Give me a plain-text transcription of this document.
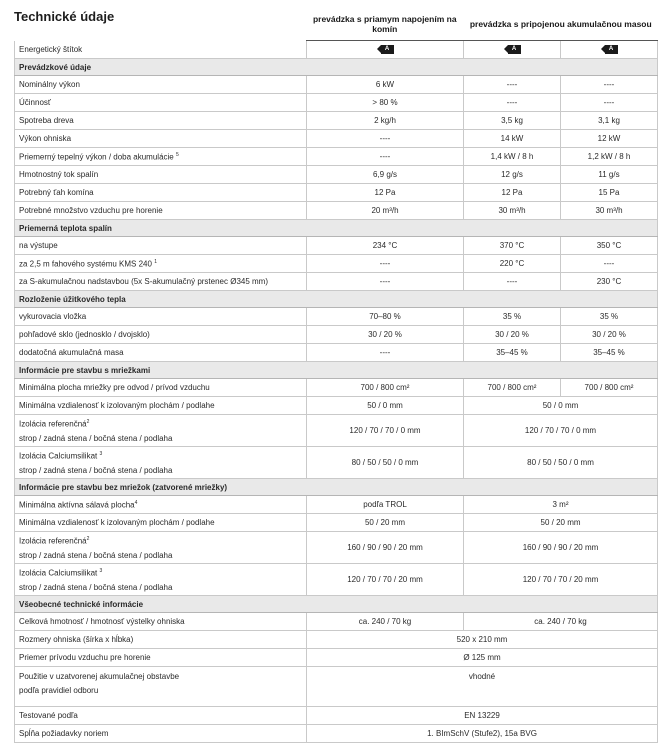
Technické údaje
		prevádzka s priamym napojením na komín	prevádzka s pripojenou akumulačnou masou	
Energetický štítok	A	A	A

Prevádzkové údaje			
Nominálny výkon	6 kW	----	----
Účinnosť	> 80 %	----	----
Spotreba dreva	2 kg/h	3,5 kg	3,1 kg
Výkon ohniska	----	14 kW	12 kW
Priemerný tepelný výkon / doba akumulácie $^5$	----	1,4 kW / 8 h	1,2 kW / 8 h
Hmotnostný tok spalín	6,9 g/s	12 g/s	11 g/s
Potrebný ťah komína	12 Pa	12 Pa	15 Pa
Potrebné množstvo vzduchu pre horenie	20 m³/h	30 m³/h	30 m³/h
Priemerná teplota spalín			
na výstupe	234 °C	370 °C	350 °C
za 2,5 m fahového systému KMS 240 $^1$	----	220 °C	----
za S-akumulačnou nadstavbou (5x S-akumulačný prstenec Ø345 mm)	----	----	230 °C
Rozloženie úžitkového tepla			
vykurovacia vložka	70–80 %	35 %	35 %
pohľadové sklo (jednosklo / dvojsklo)	30 / 20 %	30 / 20 %	30 / 20 %
dodatočná akumulačná masa	----	35–45 %	35–45 %
Informácie pre stavbu s mriežkami			
Minimálna plocha mriežky pre odvod / prívod vzduchu	700 / 800 cm²	700 / 800 cm²	700 / 800 cm²
Minimálna vzdialenosť k izolovaným plochám / podlahe	50 / 0 mm	50 / 0 mm	
Izolácia referenčná$^2$
strop / zadná stena / bočná stena / podlaha	120 / 70 / 70 / 0 mm	120 / 70 / 70 / 0 mm	
Izolácia Calciumsilikat $^3$
strop / zadná stena / bočná stena / podlaha	80 / 50 / 50 / 0 mm	80 / 50 / 50 / 0 mm	
Informácie pre stavbu bez mriežok (zatvorené mriežky)			
Minimálna aktívna sálavá plocha$^4$	podľa TROL	3 m²	
Minimálna vzdialenosť k izolovaným plochám / podlahe	50 / 20 mm	50 / 20 mm	
Izolácia referenčná$^2$
strop / zadná stena / bočná stena / podlaha	160 / 90 / 90 / 20 mm	160 / 90 / 90 / 20 mm	
Izolácia Calciumsilikat $^3$
strop / zadná stena / bočná stena / podlaha	120 / 70 / 70 / 20 mm	120 / 70 / 70 / 20 mm	
Všeobecné technické informácie			
Celková hmotnosť / hmotnosť výstelky ohniska	ca. 240 / 70 kg	ca. 240 / 70 kg	
Rozmery ohniska (šírka x hĺbka)	520 x 210 mm		
Priemer prívodu vzduchu pre horenie	Ø 125 mm		
Použitie v uzatvorenej akumulačnej obstavbe podľa pravidiel odboru	vhodné		
Testované podľa	EN 13229		
Spĺňa požiadavky noriem	1. BImSchV (Stufe2), 15a BVG		
